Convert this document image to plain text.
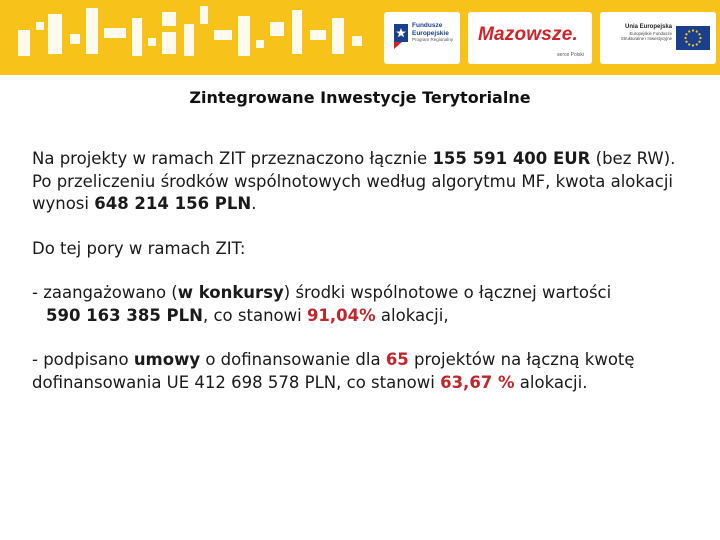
Fundusze
Europejskie
Program Regionalny Mazowsze.
serce Polski
Unia Europejska
Europejskie Fundusze
Strukturalne i Inwestycyjne
Zintegrowane Inwestycje Terytorialne

Na projekty w ramach ZIT przeznaczono łącznie 155 591 400 EUR (bez RW). Po przeliczeniu środków wspólnotowych według algorytmu MF, kwota alokacji wynosi 648 214 156 PLN.

Do tej pory w ramach ZIT:

- zaangażowano (w konkursy) środki wspólnotowe o łącznej wartości
590 163 385 PLN, co stanowi 91,04% alokacji,

- podpisano umowy o dofinansowanie dla 65 projektów na łączną kwotę dofinansowania UE 412 698 578 PLN, co stanowi 63,67 % alokacji.
